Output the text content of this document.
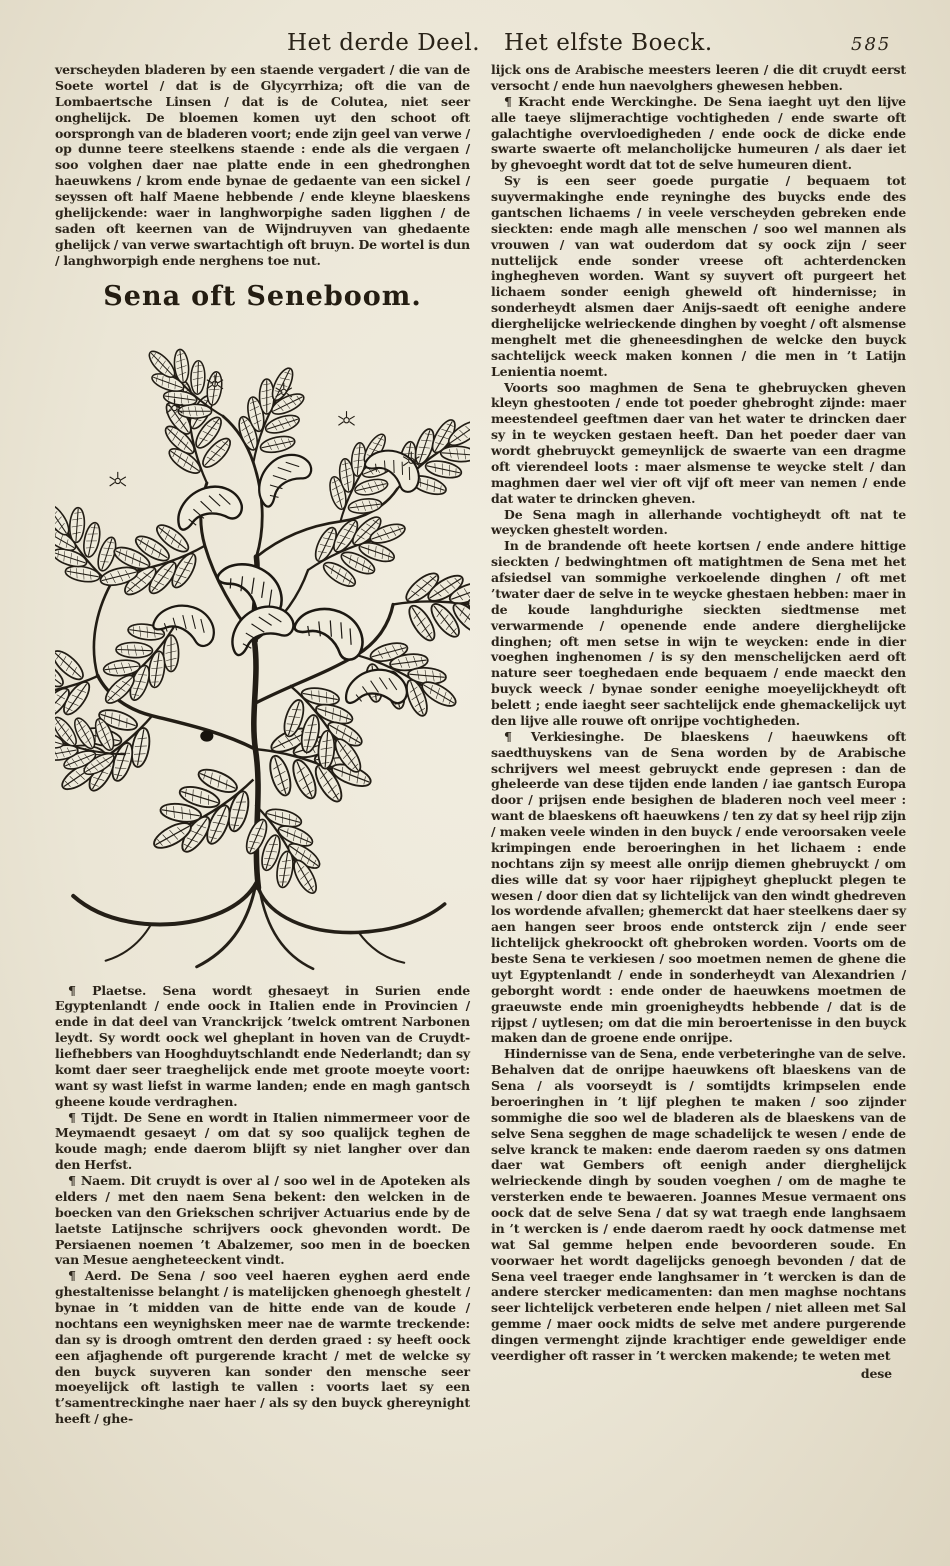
Het derde Deel. Het elfste Boeck.	585

verscheyden bladeren by een staende vergadert / die van de Soete wortel / dat is de Glycyrrhiza; oft die van de Lombaertsche Linsen / dat is de Colutea, niet seer onghelijck. De bloemen komen uyt den schoot oft oorsprongh van de bladeren voort; ende zijn geel van verwe / op dunne teere steelkens staende : ende als die vergaen / soo volghen daer nae platte ende in een ghedronghen haeuwkens / krom ende bynae de gedaente van een sickel / seyssen oft half Maene hebbende / ende kleyne blaeskens ghelijckende: waer in langhworpighe saden ligghen / de saden oft keernen van de Wijndruyven van ghedaente ghelijck / van verwe swartachtigh oft bruyn. De wortel is dun / langhworpigh ende nerghens toe nut.

Sena oft Seneboom.

¶ Plaetse. Sena wordt ghesaeyt in Surien ende Egyptenlandt / ende oock in Italien ende in Provincien / ende in dat deel van Vranckrijck ’twelck omtrent Narbonen leydt. Sy wordt oock wel gheplant in hoven van de Cruydt-liefhebbers van Hooghduytschlandt ende Nederlandt; dan sy komt daer seer traeghelijck ende met groote moeyte voort: want sy wast liefst in warme landen; ende en magh gantsch gheene koude verdraghen.

¶ Tijdt. De Sene en wordt in Italien nimmermeer voor de Meymaendt gesaeyt / om dat sy soo qualijck teghen de koude magh; ende daerom blijft sy niet langher over dan den Herfst.

¶ Naem. Dit cruydt is over al / soo wel in de Apoteken als elders / met den naem Sena bekent: den welcken in de boecken van den Griekschen schrijver Actuarius ende by de laetste Latijnsche schrijvers oock ghevonden wordt. De Persiaenen noemen ’t Abalzemer, soo men in de boecken van Mesue aengheteeckent vindt.

¶ Aerd. De Sena / soo veel haeren eyghen aerd ende ghestaltenisse belanght / is matelijcken ghenoegh ghestelt / bynae in ’t midden van de hitte ende van de koude / nochtans een weynighsken meer nae de warmte treckende: dan sy is droogh omtrent den derden graed : sy heeft oock een afjaghende oft purgerende kracht / met de welcke sy den buyck suyveren kan sonder den mensche seer moeyelijck oft lastigh te vallen : voorts laet sy een t’samentreckinghe naer haer / als sy den buyck ghereynight heeft / ghe-

lijck ons de Arabische meesters leeren / die dit cruydt eerst versocht / ende hun naevolghers ghewesen hebben.

¶ Kracht ende Werckinghe. De Sena iaeght uyt den lijve alle taeye slijmerachtige vochtigheden / ende swarte oft galachtighe overvloedigheden / ende oock de dicke ende swarte swaerte oft melancholijcke humeuren / als daer iet by ghevoeght wordt dat tot de selve humeuren dient.

Sy is een seer goede purgatie / bequaem tot suyvermakinghe ende reyninghe des buycks ende des gantschen lichaems / in veele verscheyden gebreken ende sieckten: ende magh alle menschen / soo wel mannen als vrouwen / van wat ouderdom dat sy oock zijn / seer nuttelijck ende sonder vreese oft achterdencken inghegheven worden. Want sy suyvert oft purgeert het lichaem sonder eenigh gheweld oft hindernisse; in sonderheydt alsmen daer Anijs-saedt oft eenighe andere dierghelijcke welrieckende dinghen by voeght / oft alsmense menghelt met die gheneesdinghen de welcke den buyck sachtelijck weeck maken konnen / die men in ’t Latijn Lenientia noemt.

Voorts soo maghmen de Sena te ghebruycken gheven kleyn ghestooten / ende tot poeder ghebroght zijnde: maer meestendeel geeftmen daer van het water te drincken daer sy in te weycken gestaen heeft. Dan het poeder daer van wordt ghebruyckt gemeynlijck de swaerte van een dragme oft vierendeel loots : maer alsmense te weycke stelt / dan maghmen daer wel vier oft vijf oft meer van nemen / ende dat water te drincken gheven.

De Sena magh in allerhande vochtigheydt oft nat te weycken ghestelt worden.

In de brandende oft heete kortsen / ende andere hittige sieckten / bedwinghtmen oft matightmen de Sena met het afsiedsel van sommighe verkoelende dinghen / oft met ’twater daer de selve in te weycke ghestaen hebben: maer in de koude langhdurighe sieckten siedtmense met verwarmende / openende ende andere dierghelijcke dinghen; oft men setse in wijn te weycken: ende in dier voeghen inghenomen / is sy den menschelijcken aerd oft nature seer toeghedaen ende bequaem / ende maeckt den buyck weeck / bynae sonder eenighe moeyelijckheydt oft belett ; ende iaeght seer sachtelijck ende ghemackelijck uyt den lijve alle rouwe oft onrijpe vochtigheden.

¶ Verkiesinghe. De blaeskens / haeuwkens oft saedthuyskens van de Sena worden by de Arabische schrijvers wel meest gebruyckt ende gepresen : dan de gheleerde van dese tijden ende landen / iae gantsch Europa door / prijsen ende besighen de bladeren noch veel meer : want de blaeskens oft haeuwkens / ten zy dat sy heel rijp zijn / maken veele winden in den buyck / ende veroorsaken veele krimpingen ende beroeringhen in het lichaem : ende nochtans zijn sy meest alle onrijp diemen ghebruyckt / om dies wille dat sy voor haer rijpigheyt ghepluckt plegen te wesen / door dien dat sy lichtelijck van den windt ghedreven los wordende afvallen; ghemerckt dat haer steelkens daer sy aen hangen seer broos ende ontsterck zijn / ende seer lichtelijck ghekroockt oft ghebroken worden. Voorts om de beste Sena te verkiesen / soo moetmen nemen de ghene die uyt Egyptenlandt / ende in sonderheydt van Alexandrien / geborght wordt : ende onder de haeuwkens moetmen de graeuwste ende min groenigheydts hebbende / dat is de rijpst / uytlesen; om dat die min beroertenisse in den buyck maken dan de groene ende onrijpe.

Hindernisse van de Sena, ende verbeteringhe van de selve. Behalven dat de onrijpe haeuwkens oft blaeskens van de Sena / als voorseydt is / somtijdts krimpselen ende beroeringhen in ’t lijf pleghen te maken / soo zijnder sommighe die soo wel de bladeren als de blaeskens van de selve Sena segghen de mage schadelijck te wesen / ende de selve kranck te maken: ende daerom raeden sy ons datmen daer wat Gembers oft eenigh ander dierghelijck welrieckende dingh by souden voeghen / om de maghe te versterken ende te bewaeren. Joannes Mesue vermaent ons oock dat de selve Sena / dat sy wat traegh ende langhsaem in ’t wercken is / ende daerom raedt hy oock datmense met wat Sal gemme helpen ende bevoorderen soude. En voorwaer het wordt dagelijcks genoegh bevonden / dat de Sena veel traeger ende langhsamer in ’t wercken is dan de andere stercker medicamenten: dan men maghse nochtans seer lichtelijck verbeteren ende helpen / niet alleen met Sal gemme / maer oock midts de selve met andere purgerende dingen vermenght zijnde krachtiger ende geweldiger ende veerdigher oft rasser in ’t wercken makende; te weten met

dese
